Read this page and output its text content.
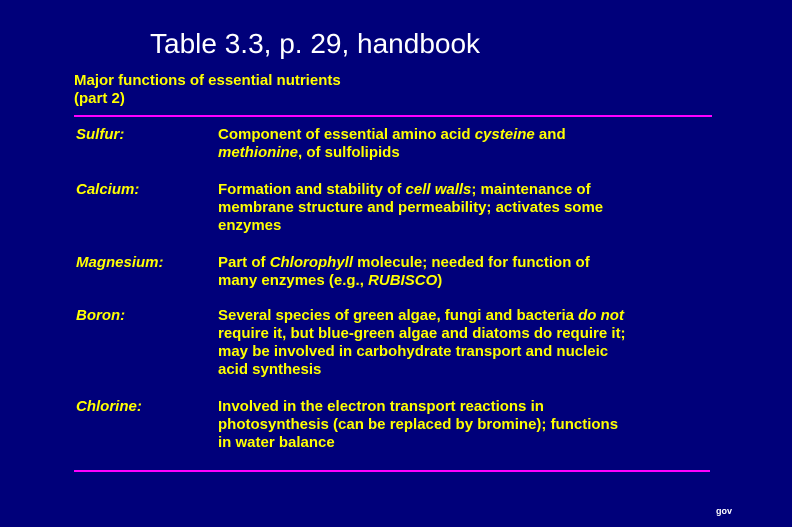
Table 3.3, p. 29, handbook
Major functions of essential nutrients
(part 2)
Sulfur:	Component of essential amino acid cysteine and
methionine, of sulfolipids
Calcium:	Formation and stability of cell walls; maintenance of
membrane structure and permeability; activates some
enzymes
Magnesium:	Part of Chlorophyll molecule; needed for function of
many enzymes (e.g., RUBISCO)
Boron:	Several species of green algae, fungi and bacteria do not
require it, but blue-green algae and diatoms do require it;
may be involved in carbohydrate transport and nucleic
acid synthesis
Chlorine:	Involved in the electron transport reactions in
photosynthesis (can be replaced by bromine); functions
in water balance
gov
